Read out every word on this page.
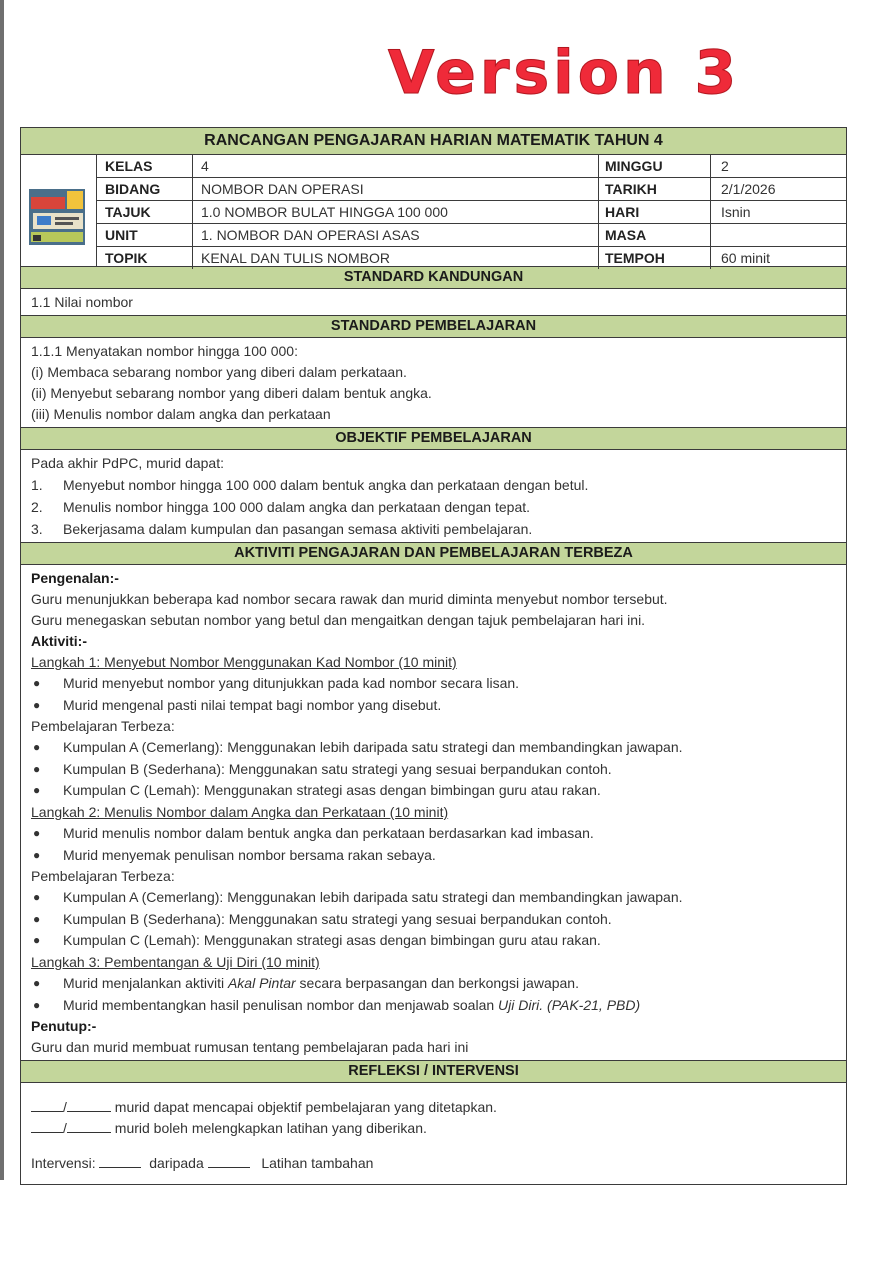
Version 3
RANCANGAN PENGAJARAN HARIAN MATEMATIK TAHUN 4
KELAS	4	MINGGU	2
BIDANG	NOMBOR DAN OPERASI	TARIKH	2/1/2026
TAJUK	1.0 NOMBOR BULAT HINGGA 100 000	HARI	Isnin
UNIT	1. NOMBOR DAN OPERASI ASAS	MASA
TOPIK	KENAL DAN TULIS NOMBOR	TEMPOH	60 minit
STANDARD KANDUNGAN

1.1 Nilai nombor

STANDARD PEMBELAJARAN

1.1.1 Menyatakan nombor hingga 100 000:

(i) Membaca sebarang nombor yang diberi dalam perkataan.

(ii) Menyebut sebarang nombor yang diberi dalam bentuk angka.

(iii) Menulis nombor dalam angka dan perkataan

OBJEKTIF PEMBELAJARAN

Pada akhir PdPC, murid dapat:

1.	Menyebut nombor hingga 100 000 dalam bentuk angka dan perkataan dengan betul.
2.	Menulis nombor hingga 100 000 dalam angka dan perkataan dengan tepat.
3.	Bekerjasama dalam kumpulan dan pasangan semasa aktiviti pembelajaran.
AKTIVITI PENGAJARAN DAN PEMBELAJARAN TERBEZA

Pengenalan:-

Guru menunjukkan beberapa kad nombor secara rawak dan murid diminta menyebut nombor tersebut.

Guru menegaskan sebutan nombor yang betul dan mengaitkan dengan tajuk pembelajaran hari ini.

Aktiviti:-

Langkah 1: Menyebut Nombor Menggunakan Kad Nombor (10 minit)

●	Murid menyebut nombor yang ditunjukkan pada kad nombor secara lisan.
●	Murid mengenal pasti nilai tempat bagi nombor yang disebut.

Pembelajaran Terbeza:

●	Kumpulan A (Cemerlang): Menggunakan lebih daripada satu strategi dan membandingkan jawapan.
●	Kumpulan B (Sederhana): Menggunakan satu strategi yang sesuai berpandukan contoh.
●	Kumpulan C (Lemah): Menggunakan strategi asas dengan bimbingan guru atau rakan.

Langkah 2: Menulis Nombor dalam Angka dan Perkataan (10 minit)

●	Murid menulis nombor dalam bentuk angka dan perkataan berdasarkan kad imbasan.
●	Murid menyemak penulisan nombor bersama rakan sebaya.

Pembelajaran Terbeza:

●	Kumpulan A (Cemerlang): Menggunakan lebih daripada satu strategi dan membandingkan jawapan.
●	Kumpulan B (Sederhana): Menggunakan satu strategi yang sesuai berpandukan contoh.
●	Kumpulan C (Lemah): Menggunakan strategi asas dengan bimbingan guru atau rakan.

Langkah 3: Pembentangan & Uji Diri (10 minit)

●	Murid menjalankan aktiviti Akal Pintar secara berpasangan dan berkongsi jawapan.
●	Murid membentangkan hasil penulisan nombor dan menjawab soalan Uji Diri. (PAK-21, PBD)

Penutup:-

Guru dan murid membuat rumusan tentang pembelajaran pada hari ini

REFLEKSI / INTERVENSI

/	murid dapat mencapai objektif pembelajaran yang ditetapkan.

/	murid boleh melengkapkan latihan yang diberikan.

Intervensi:	daripada	Latihan tambahan
